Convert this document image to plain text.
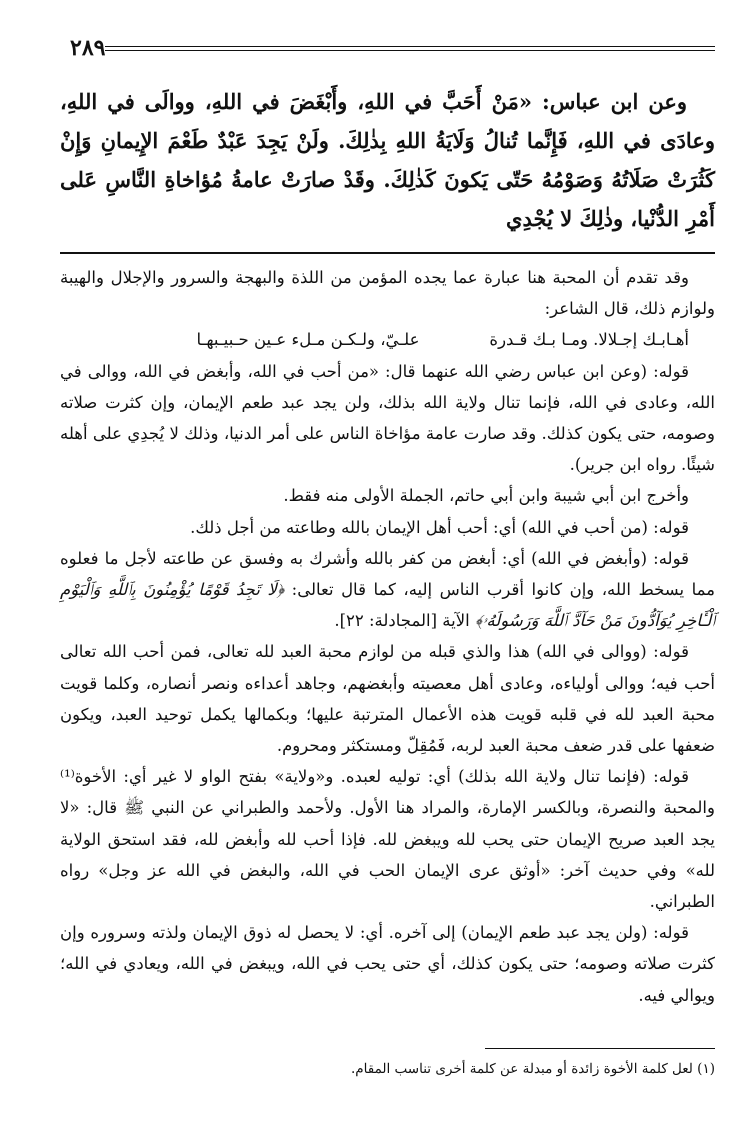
٢٨٩

وعن ابن عباس: «مَنْ أَحَبَّ في اللهِ، وأَبْغَضَ في اللهِ، ووالَى في اللهِ، وعادَى في اللهِ، فَإِنَّما تُنالُ وَلَايَةُ اللهِ بِذٰلِكَ. ولَنْ يَجِدَ عَبْدٌ طَعْمَ الإِيمانِ وَإِنْ كَثُرَتْ صَلَاتُهُ وَصَوْمُهُ حَتّى يَكونَ كَذٰلِكَ. وقَدْ صارَتْ عامةُ مُؤاخاةِ النَّاسِ عَلى أَمْرِ الدُّنْيا، وذٰلِكَ لا يُجْدِي

وقد تقدم أن المحبة هنا عبارة عما يجده المؤمن من اللذة والبهجة والسرور والإجلال والهيبة ولوازم ذلك، قال الشاعر:

أهـابـك إجـلالا. ومـا بـك قـدرة
علـيّ، ولـكـن مـلء عـين حـبيـبهـا

قوله: (وعن ابن عباس رضي الله عنهما قال: «من أحب في الله، وأبغض في الله، ووالى في الله، وعادى في الله، فإنما تنال ولاية الله بذلك، ولن يجد عبد طعم الإيمان، وإن كثرت صلاته وصومه، حتى يكون كذلك. وقد صارت عامة مؤاخاة الناس على أمر الدنيا، وذلك لا يُجدِي على أهله شيئًا. رواه ابن جرير).

وأخرج ابن أبي شيبة وابن أبي حاتم، الجملة الأولى منه فقط.

قوله: (من أحب في الله) أي: أحب أهل الإيمان بالله وطاعته من أجل ذلك.

قوله: (وأبغض في الله) أي: أبغض من كفر بالله وأشرك به وفسق عن طاعته لأجل ما فعلوه مما يسخط الله، وإن كانوا أقرب الناس إليه، كما قال تعالى: ﴿لَا تَجِدُ قَوْمًا يُؤْمِنُونَ بِٱللَّهِ وَٱلْيَوْمِ ٱلْـَٔاخِرِ يُوَآدُّونَ مَنْ حَآدَّ ٱللَّهَ وَرَسُولَهُۥ﴾ الآية [المجادلة: ٢٢].

قوله: (ووالى في الله) هذا والذي قبله من لوازم محبة العبد لله تعالى، فمن أحب الله تعالى أحب فيه؛ ووالى أولياءه، وعادى أهل معصيته وأبغضهم، وجاهد أعداءه ونصر أنصاره، وكلما قويت محبة العبد لله في قلبه قويت هذه الأعمال المترتبة عليها؛ وبكمالها يكمل توحيد العبد، ويكون ضعفها على قدر ضعف محبة العبد لربه، فَمُقِلّ ومستكثر ومحروم.

قوله: (فإنما تنال ولاية الله بذلك) أي: توليه لعبده. و«ولاية» بفتح الواو لا غير أي: الأخوة⁽¹⁾ والمحبة والنصرة، وبالكسر الإمارة، والمراد هنا الأول. ولأحمد والطبراني عن النبي ﷺ قال: «لا يجد العبد صريح الإيمان حتى يحب لله ويبغض لله. فإذا أحب لله وأبغض لله، فقد استحق الولاية لله» وفي حديث آخر: «أوثق عرى الإيمان الحب في الله، والبغض في الله عز وجل» رواه الطبراني.

قوله: (ولن يجد عبد طعم الإيمان) إلى آخره. أي: لا يحصل له ذوق الإيمان ولذته وسروره وإن كثرت صلاته وصومه؛ حتى يكون كذلك، أي حتى يحب في الله، ويبغض في الله، ويعادي في الله؛ ويوالي فيه.

(١) لعل كلمة الأخوة زائدة أو مبدلة عن كلمة أخرى تناسب المقام.
